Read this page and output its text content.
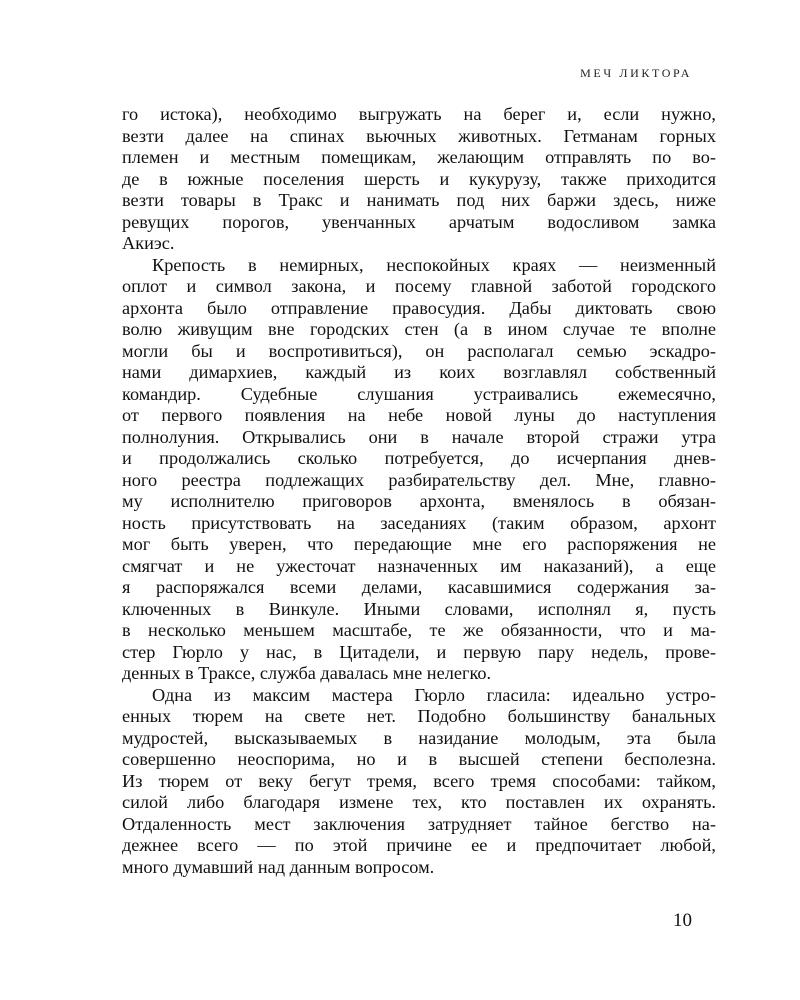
МЕЧ ЛИКТОРА
го истока), необходимо выгружать на берег и, если нужно,
везти далее на спинах вьючных животных. Гетманам горных
племен и местным помещикам, желающим отправлять по во-
де в южные поселения шерсть и кукурузу, также приходится
везти товары в Тракс и нанимать под них баржи здесь, ниже
ревущих порогов, увенчанных арчатым водосливом замка
Акиэс.
Крепость в немирных, неспокойных краях — неизменный
оплот и символ закона, и посему главной заботой городского
архонта было отправление правосудия. Дабы диктовать свою
волю живущим вне городских стен (а в ином случае те вполне
могли бы и воспротивиться), он располагал семью эскадро-
нами димархиев, каждый из коих возглавлял собственный
командир. Судебные слушания устраивались ежемесячно,
от первого появления на небе новой луны до наступления
полнолуния. Открывались они в начале второй стражи утра
и продолжались сколько потребуется, до исчерпания днев-
ного реестра подлежащих разбирательству дел. Мне, главно-
му исполнителю приговоров архонта, вменялось в обязан-
ность присутствовать на заседаниях (таким образом, архонт
мог быть уверен, что передающие мне его распоряжения не
смягчат и не ужесточат назначенных им наказаний), а еще
я распоряжался всеми делами, касавшимися содержания за-
ключенных в Винкуле. Иными словами, исполнял я, пусть
в несколько меньшем масштабе, те же обязанности, что и ма-
стер Гюрло у нас, в Цитадели, и первую пару недель, прове-
денных в Траксе, служба давалась мне нелегко.
Одна из максим мастера Гюрло гласила: идеально устро-
енных тюрем на свете нет. Подобно большинству банальных
мудростей, высказываемых в назидание молодым, эта была
совершенно неоспорима, но и в высшей степени бесполезна.
Из тюрем от веку бегут тремя, всего тремя способами: тайком,
силой либо благодаря измене тех, кто поставлен их охранять.
Отдаленность мест заключения затрудняет тайное бегство на-
дежнее всего — по этой причине ее и предпочитает любой,
много думавший над данным вопросом.
10
